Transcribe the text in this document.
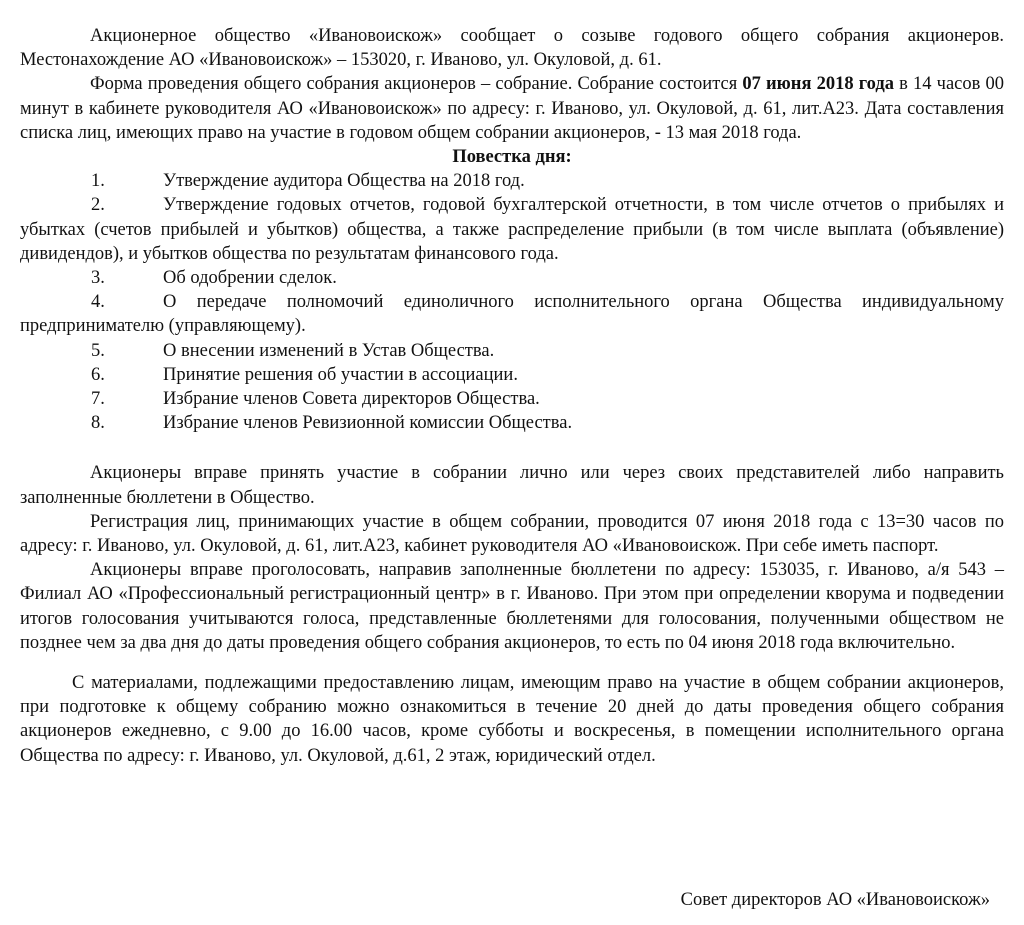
Акционерное общество «Ивановоискож» сообщает о созыве годового общего собрания акционеров. Местонахождение АО «Ивановоискож» – 153020, г. Иваново, ул. Окуловой, д. 61.

Форма проведения общего собрания акционеров – собрание. Собрание состоится 07 июня 2018 года в 14 часов 00 минут в кабинете руководителя АО «Ивановоискож» по адресу: г. Иваново, ул. Окуловой, д. 61, лит.А23. Дата составления списка лиц, имеющих право на участие в годовом общем собрании акционеров, - 13 мая 2018 года.

Повестка дня:

1.	Утверждение аудитора Общества на 2018 год.

2.	Утверждение годовых отчетов, годовой бухгалтерской отчетности, в том числе отчетов о прибылях и убытках (счетов прибылей и убытков) общества, а также распределение прибыли (в том числе выплата (объявление) дивидендов), и убытков общества по результатам финансового года.

3.	Об одобрении сделок.

4.	О передаче полномочий единоличного исполнительного органа Общества индивидуальному предпринимателю (управляющему).

5.	О внесении изменений в Устав Общества.

6.	Принятие решения об участии в ассоциации.

7.	Избрание членов Совета директоров Общества.

8.	Избрание членов Ревизионной комиссии Общества.

Акционеры вправе принять участие в собрании лично или через своих представителей либо направить заполненные бюллетени в Общество.

Регистрация лиц, принимающих участие в общем собрании, проводится 07 июня 2018 года с 13=30 часов по адресу: г. Иваново, ул. Окуловой, д. 61, лит.А23, кабинет руководителя АО «Ивановоискож. При себе иметь паспорт.

Акционеры вправе проголосовать, направив заполненные бюллетени по адресу: 153035, г. Иваново, а/я 543 – Филиал АО «Профессиональный регистрационный центр» в г. Иваново. При этом при определении кворума и подведении итогов голосования учитываются голоса, представленные бюллетенями для голосования, полученными обществом не позднее чем за два дня до даты проведения общего собрания акционеров, то есть по 04 июня 2018 года включительно.

С материалами, подлежащими предоставлению лицам, имеющим право на участие в общем собрании акционеров, при подготовке к общему собранию можно ознакомиться в течение 20 дней до даты проведения общего собрания акционеров ежедневно, с 9.00 до 16.00 часов, кроме субботы и воскресенья, в помещении исполнительного органа Общества по адресу: г. Иваново, ул. Окуловой, д.61, 2 этаж, юридический отдел.

Совет директоров АО «Ивановоискож»
